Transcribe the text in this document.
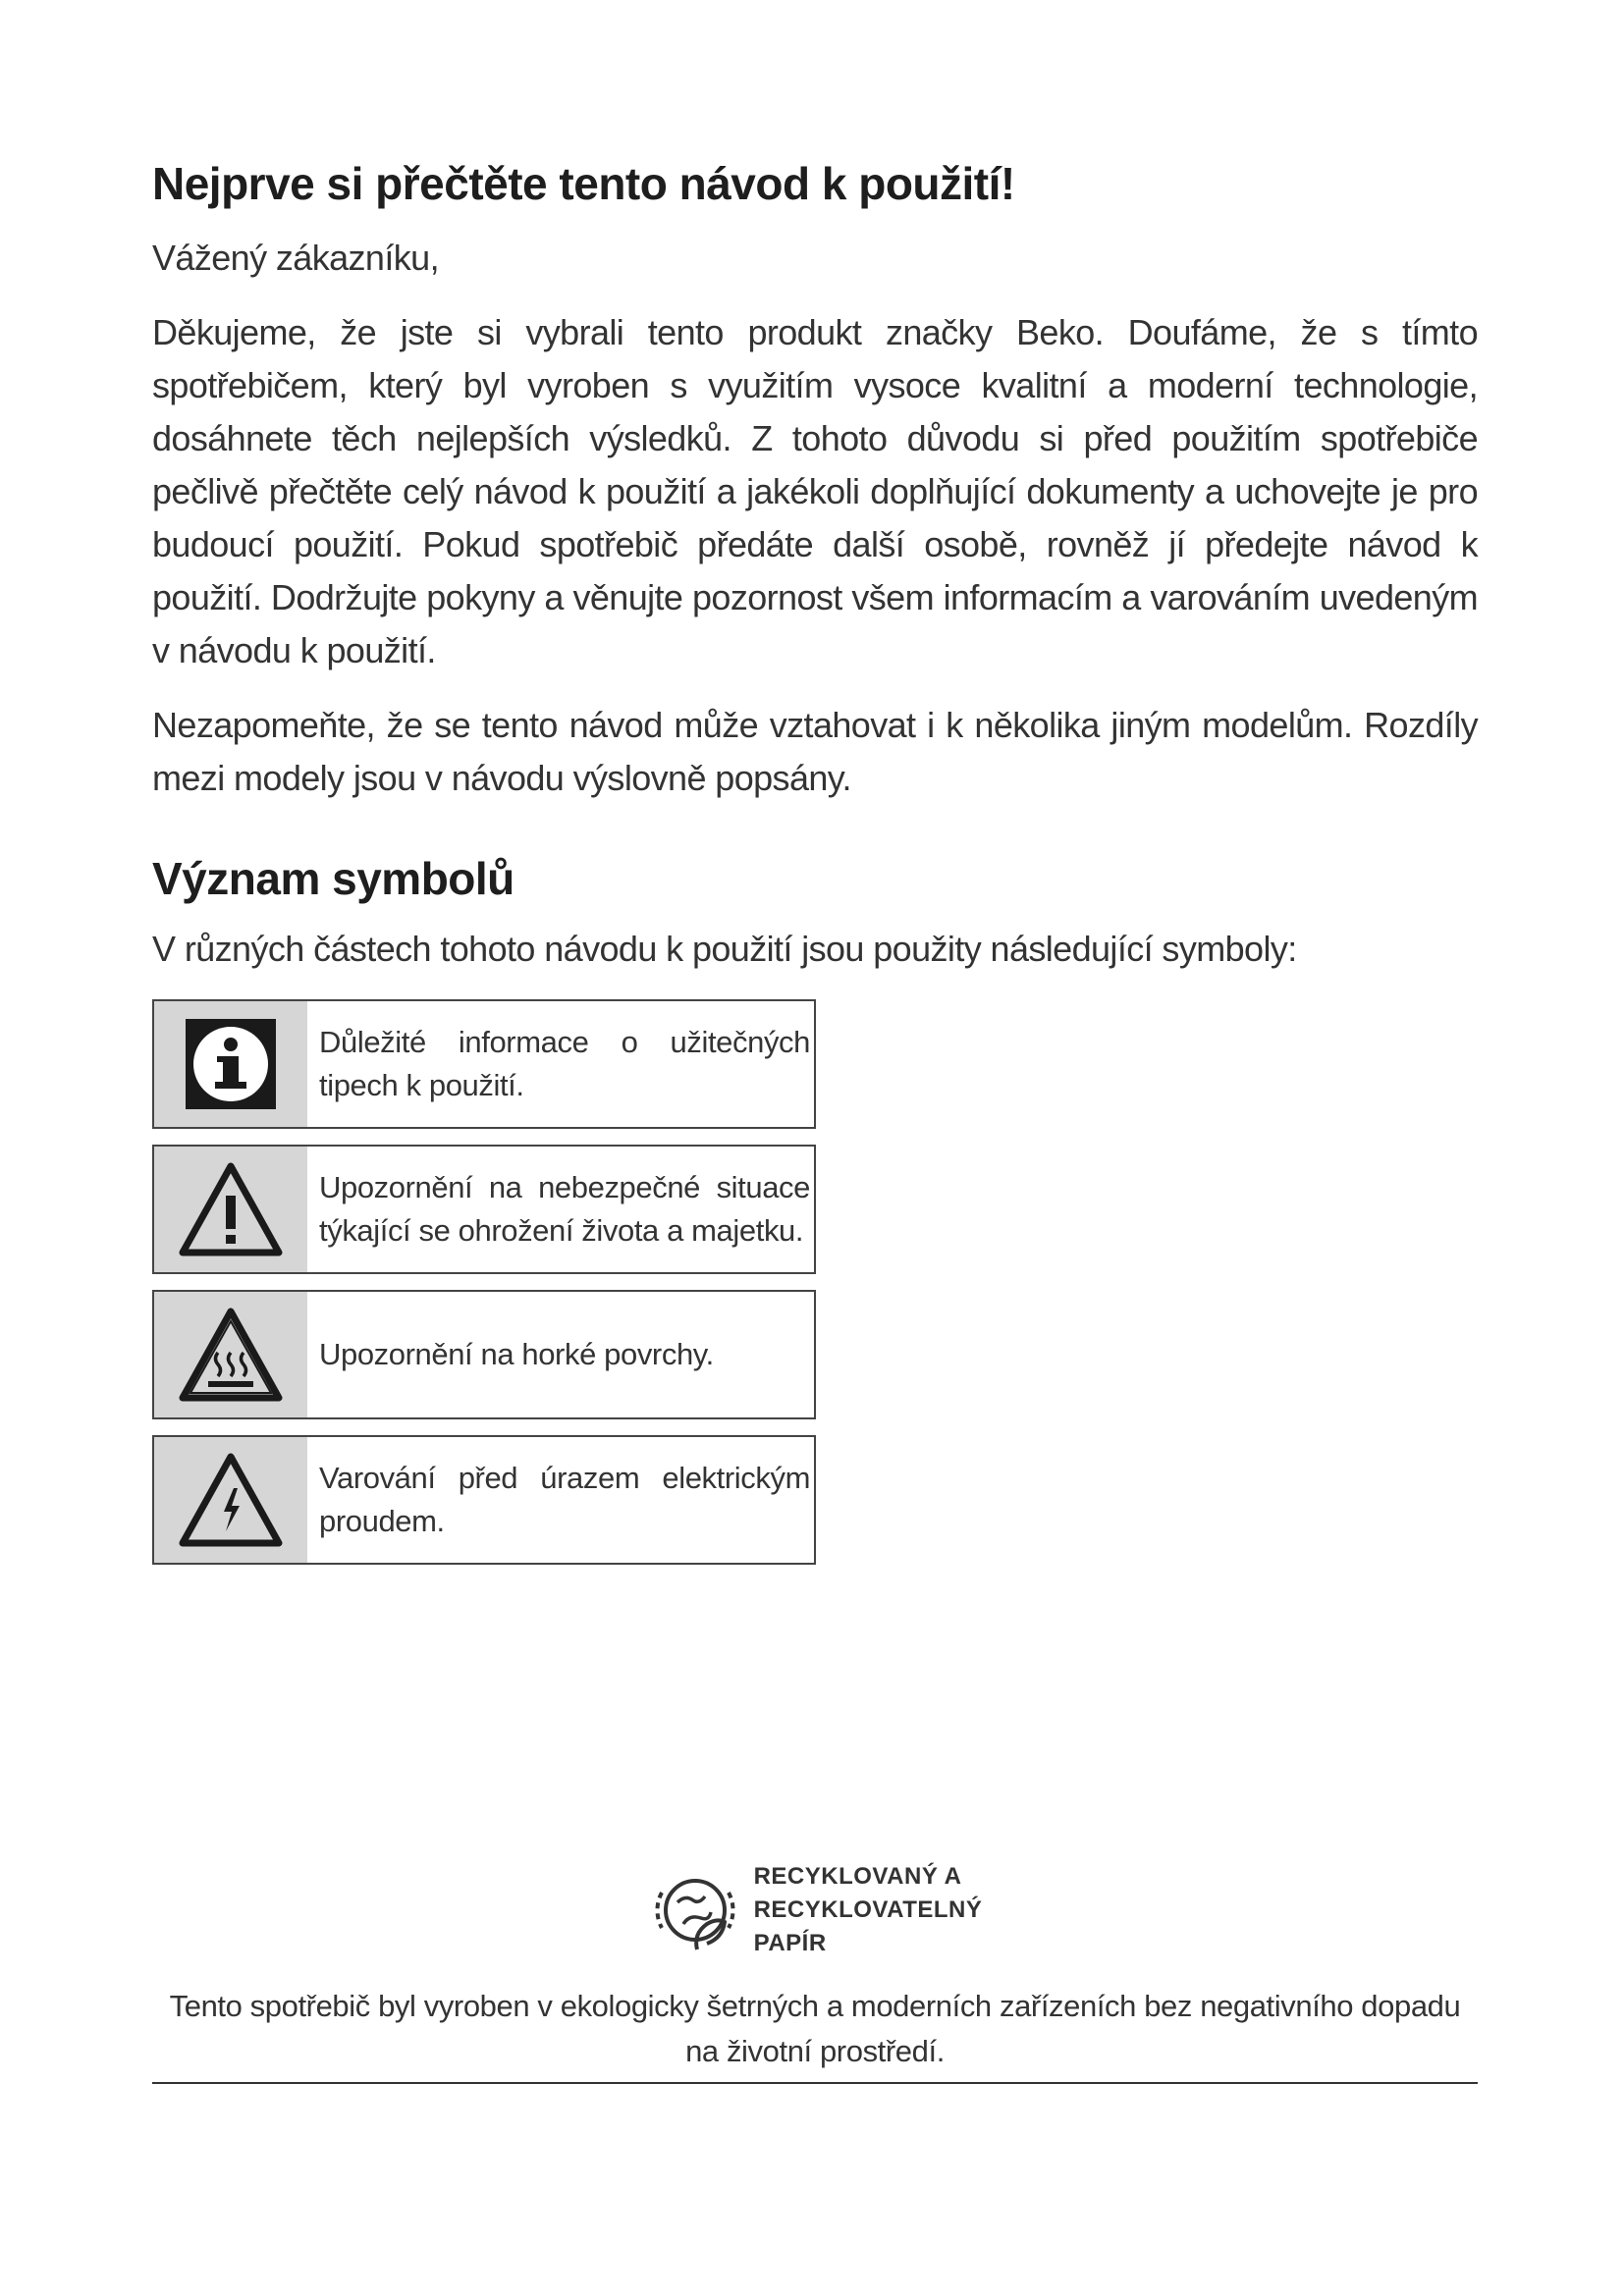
Nejprve si přečtěte tento návod k použití!

Vážený zákazníku,

Děkujeme, že jste si vybrali tento produkt značky Beko. Doufáme, že s tímto spotřebičem, který byl vyroben s využitím vysoce kvalitní a moderní technologie, dosáhnete těch nejlepších výsledků. Z tohoto důvodu si před použitím spotřebiče pečlivě přečtěte celý návod k použití a jakékoli doplňující dokumenty a uchovejte je pro budoucí použití. Pokud spotřebič předáte další osobě, rovněž jí předejte návod k použití. Dodržujte pokyny a věnujte pozornost všem informacím a varováním uvedeným v návodu k použití.

Nezapomeňte, že se tento návod může vztahovat i k několika jiným modelům. Rozdíly mezi modely jsou v návodu výslovně popsány.

Význam symbolů

V různých částech tohoto návodu k použití jsou použity následující symboly:

Důležité informace o užitečných tipech k použití.
Upozornění na nebezpečné situace týkající se ohrožení života a majetku.
Upozornění na horké povrchy.
Varování před úrazem elektrickým proudem.
RECYKLOVANÝ A
RECYKLOVATELNÝ
PAPÍR

Tento spotřebič byl vyroben v ekologicky šetrných a moderních zařízeních bez negativního dopadu na životní prostředí.
